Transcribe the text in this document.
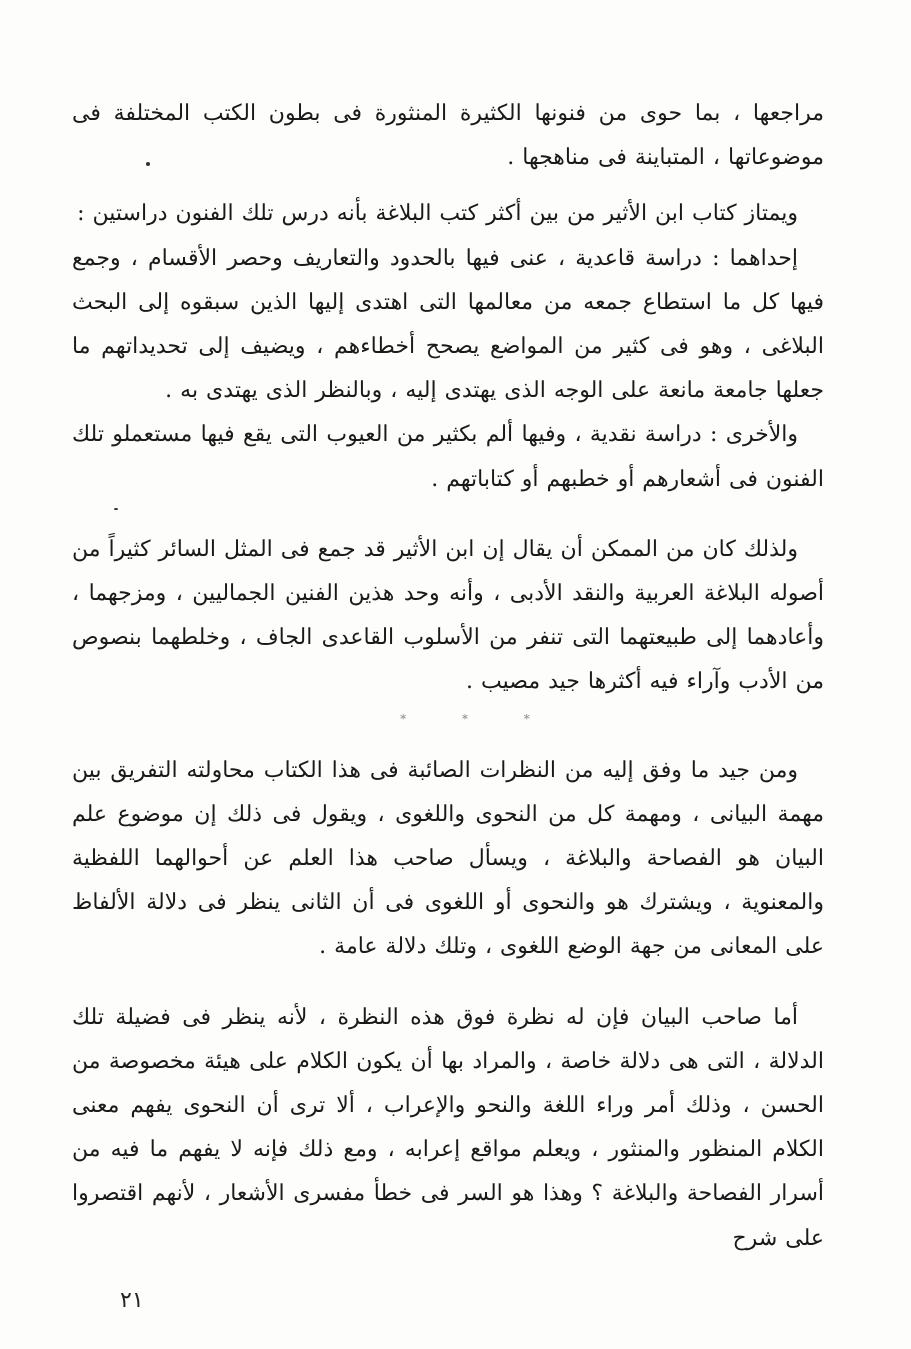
مراجعها ، بما حوى من فنونها الكثيرة المنثورة فى بطون الكتب المختلفة فى موضوعاتها ، المتباينة فى مناهجها .

ويمتاز كتاب ابن الأثير من بين أكثر كتب البلاغة بأنه درس تلك الفنون دراستين :

إحداهما : دراسة قاعدية ، عنى فيها بالحدود والتعاريف وحصر الأقسام ، وجمع فيها كل ما استطاع جمعه من معالمها التى اهتدى إليها الذين سبقوه إلى البحث البلاغى ، وهو فى كثير من المواضع يصحح أخطاءهم ، ويضيف إلى تحديداتهم ما جعلها جامعة مانعة على الوجه الذى يهتدى إليه ، وبالنظر الذى يهتدى به .

والأخرى : دراسة نقدية ، وفيها ألم بكثير من العيوب التى يقع فيها مستعملو تلك الفنون فى أشعارهم أو خطبهم أو كتاباتهم .

ولذلك كان من الممكن أن يقال إن ابن الأثير قد جمع فى المثل السائر كثيراً من أصوله البلاغة العربية والنقد الأدبى ، وأنه وحد هذين الفنين الجماليين ، ومزجهما ، وأعادهما إلى طبيعتهما التى تنفر من الأسلوب القاعدى الجاف ، وخلطهما بنصوص من الأدب وآراء فيه أكثرها جيد مصيب .

* * *

ومن جيد ما وفق إليه من النظرات الصائبة فى هذا الكتاب محاولته التفريق بين مهمة البيانى ، ومهمة كل من النحوى واللغوى ، ويقول فى ذلك إن موضوع علم البيان هو الفصاحة والبلاغة ، ويسأل صاحب هذا العلم عن أحوالهما اللفظية والمعنوية ، ويشترك هو والنحوى أو اللغوى فى أن الثانى ينظر فى دلالة الألفاظ على المعانى من جهة الوضع اللغوى ، وتلك دلالة عامة .

أما صاحب البيان فإن له نظرة فوق هذه النظرة ، لأنه ينظر فى فضيلة تلك الدلالة ، التى هى دلالة خاصة ، والمراد بها أن يكون الكلام على هيئة مخصوصة من الحسن ، وذلك أمر وراء اللغة والنحو والإعراب ، ألا ترى أن النحوى يفهم معنى الكلام المنظور والمنثور ، ويعلم مواقع إعرابه ، ومع ذلك فإنه لا يفهم ما فيه من أسرار الفصاحة والبلاغة ؟ وهذا هو السر فى خطأ مفسرى الأشعار ، لأنهم اقتصروا على شرح

٢١
